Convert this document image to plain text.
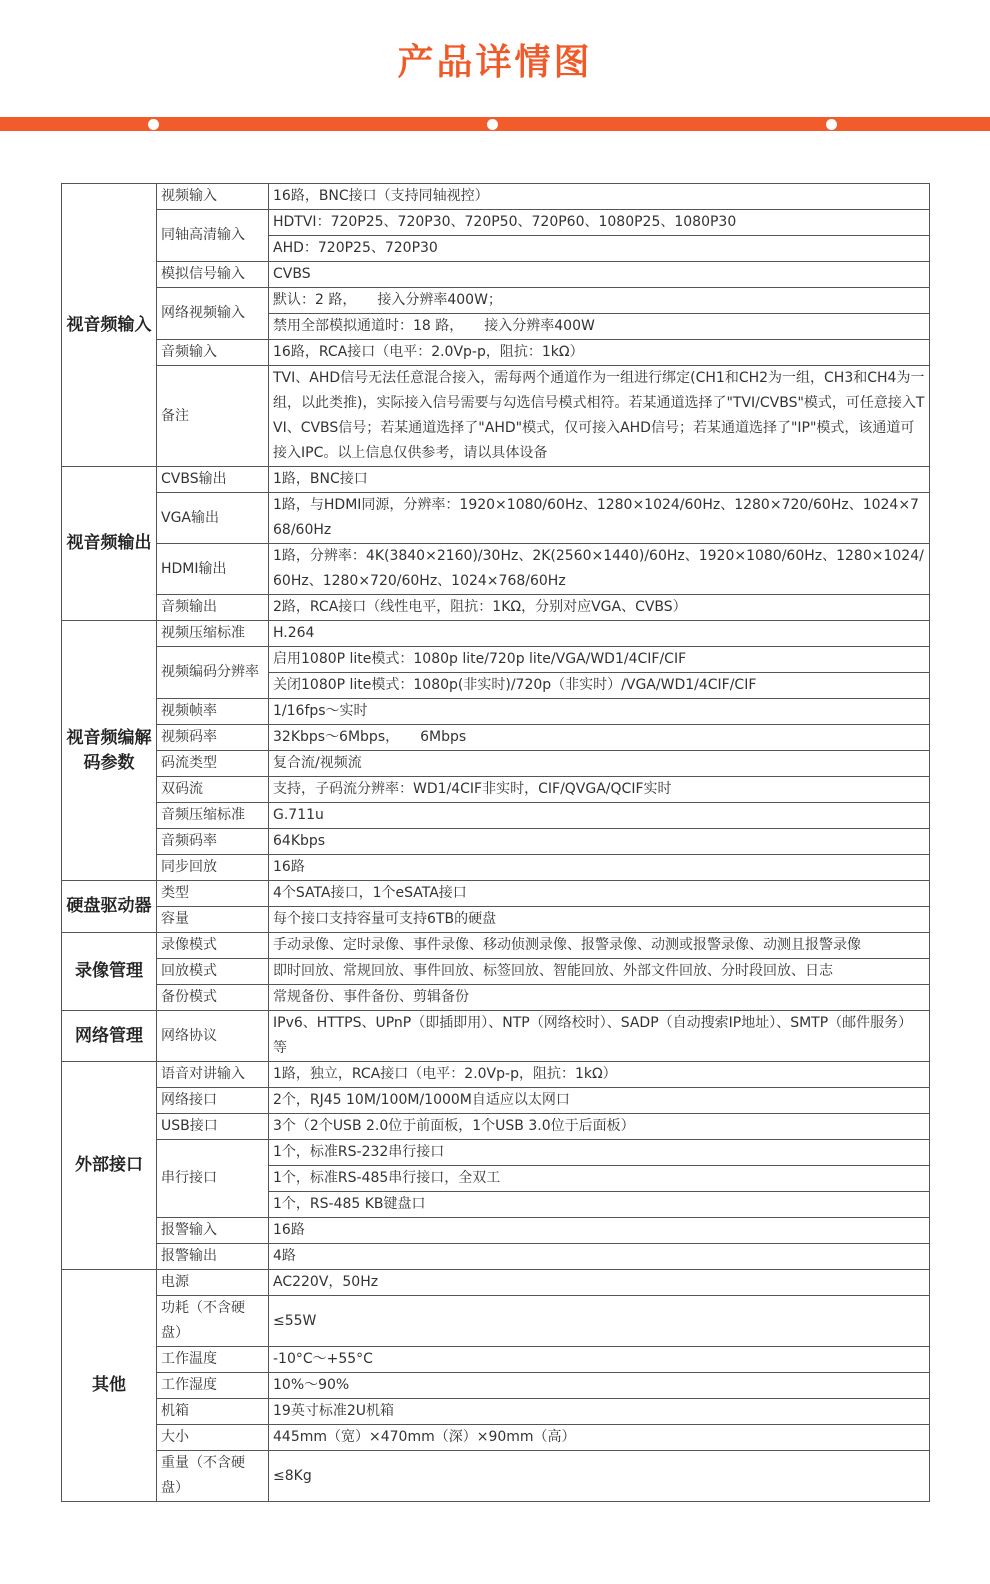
产品详情图
视音频输入	视频输入	16路，BNC接口（支持同轴视控）
	同轴高清输入	HDTVI：720P25、720P30、720P50、720P60、1080P25、1080P30
		AHD：720P25、720P30
	模拟信号输入	CVBS
	网络视频输入	默认：2 路，　　接入分辨率400W；
		禁用全部模拟通道时：18 路，　　接入分辨率400W
	音频输入	16路，RCA接口（电平：2.0Vp-p，阻抗：1kΩ）
	备注	TVI、AHD信号无法任意混合接入，需每两个通道作为一组进行绑定(CH1和CH2为一组，CH3和CH4为一组，以此类推)，实际接入信号需要与勾选信号模式相符。若某通道选择了"TVI/CVBS"模式，可任意接入TVI、CVBS信号；若某通道选择了"AHD"模式，仅可接入AHD信号；若某通道选择了"IP"模式，该通道可接入IPC。以上信息仅供参考，请以具体设备
视音频输出	CVBS输出	1路，BNC接口
	VGA输出	1路，与HDMI同源，分辨率：1920×1080/60Hz、1280×1024/60Hz、1280×720/60Hz、1024×768/60Hz
	HDMI输出	1路，分辨率：4K(3840×2160)/30Hz、2K(2560×1440)/60Hz、1920×1080/60Hz、1280×1024/60Hz、1280×720/60Hz、1024×768/60Hz
	音频输出	2路，RCA接口（线性电平，阻抗：1KΩ，分别对应VGA、CVBS）
视音频编解码参数	视频压缩标准	H.264
	视频编码分辨率	启用1080P lite模式：1080p lite/720p lite/VGA/WD1/4CIF/CIF
		关闭1080P lite模式：1080p(非实时)/720p（非实时）/VGA/WD1/4CIF/CIF
	视频帧率	1/16fps～实时
	视频码率	32Kbps～6Mbps，　　6Mbps
	码流类型	复合流/视频流
	双码流	支持，子码流分辨率：WD1/4CIF非实时，CIF/QVGA/QCIF实时
	音频压缩标准	G.711u
	音频码率	64Kbps
	同步回放	16路
硬盘驱动器	类型	4个SATA接口，1个eSATA接口
	容量	每个接口支持容量可支持6TB的硬盘
录像管理	录像模式	手动录像、定时录像、事件录像、移动侦测录像、报警录像、动测或报警录像、动测且报警录像
	回放模式	即时回放、常规回放、事件回放、标签回放、智能回放、外部文件回放、分时段回放、日志
	备份模式	常规备份、事件备份、剪辑备份
网络管理	网络协议	IPv6、HTTPS、UPnP（即插即用）、NTP（网络校时）、SADP（自动搜索IP地址）、SMTP（邮件服务）等
外部接口	语音对讲输入	1路，独立，RCA接口（电平：2.0Vp-p，阻抗：1kΩ）
	网络接口	2个，RJ45 10M/100M/1000M自适应以太网口
	USB接口	3个（2个USB 2.0位于前面板，1个USB 3.0位于后面板）
	串行接口	1个，标准RS-232串行接口
		1个，标准RS-485串行接口，全双工
		1个，RS-485 KB键盘口
	报警输入	16路
	报警输出	4路
其他	电源	AC220V，50Hz
	功耗（不含硬盘）	≤55W
	工作温度	-10°C～+55°C
	工作湿度	10%～90%
	机箱	19英寸标准2U机箱
	大小	445mm（宽）×470mm（深）×90mm（高）
	重量（不含硬盘）	≤8Kg
